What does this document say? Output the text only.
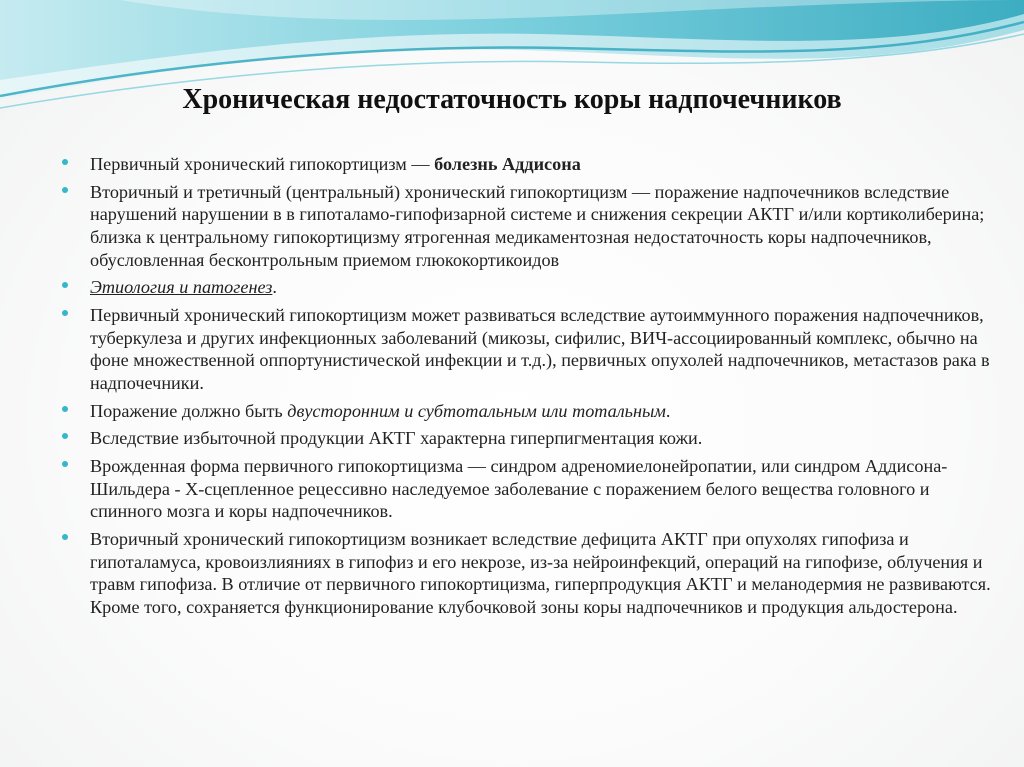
Хроническая недостаточность коры надпочечников
Первичный хронический гипокортицизм — болезнь Аддисона
Вторичный и третичный (центральный) хронический гипокортицизм — поражение надпочечников вследствие нарушений нарушении в в гипоталамо-гипофизарной системе и снижения секреции АКТГ и/или кортиколиберина; близка к центральному гипокортицизму ятрогенная медикаментозная недостаточность коры надпочечников, обусловленная бесконтрольным приемом глюкокортикоидов
Этиология и патогенез.
Первичный хронический гипокортицизм может развиваться вследствие аутоиммунного поражения надпочечников, туберкулеза и других инфекционных заболеваний (микозы, сифилис, ВИЧ-ассоциированный комплекс, обычно на фоне множественной оппортунистической инфекции и т.д.), первичных опухолей надпочечников, метастазов рака в надпочечники.
Поражение должно быть двусторонним и субтотальным или тотальным.
Вследствие избыточной продукции АКТГ характерна гиперпигментация кожи.
Врожденная форма первичного гипокортицизма — синдром адреномиелонейропатии, или синдром Аддисона-Шильдера - Х-сцепленное рецессивно наследуемое заболевание с поражением белого вещества головного и спинного мозга и коры надпочечников.
Вторичный хронический гипокортицизм возникает вследствие дефицита АКТГ при опухолях гипофиза и гипоталамуса, кровоизлияниях в гипофиз и его некрозе, из-за нейроинфекций, операций на гипофизе, облучения и травм гипофиза. В отличие от первичного гипокортицизма, гиперпродукция АКТГ и меланодермия не развиваются. Кроме того, сохраняется функционирование клубочковой зоны коры надпочечников и продукция альдостерона.
